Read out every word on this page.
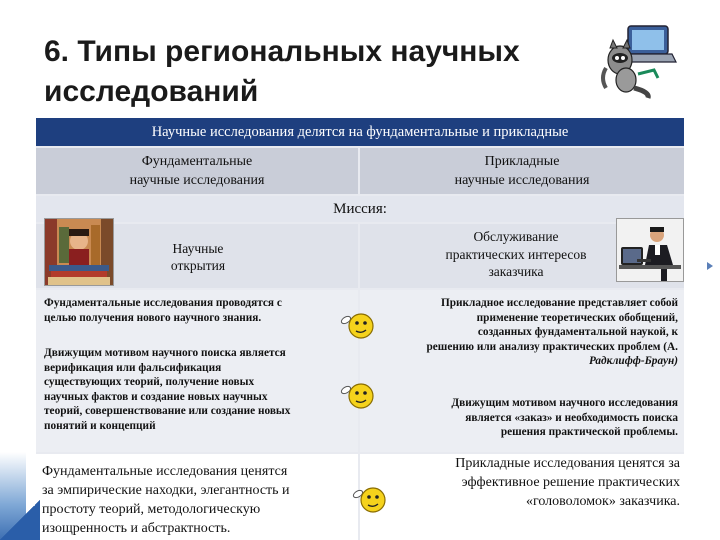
6. Типы региональных научных
исследований
Научные исследования делятся на фундаментальные и прикладные
Фундаментальные
научные исследования
Прикладные
научные исследования
Миссия:
Научные
открытия
Обслуживание
практических интересов
заказчика
Фундаментальные исследования проводятся с
целью получения нового научного знания.
Движущим мотивом научного поиска является
верификация или фальсификация
существующих теорий, получение новых
научных фактов и создание новых научных
теорий, совершенствование или создание новых
понятий и концепций
Прикладное исследование представляет собой
применение теоретических обобщений,
созданных фундаментальной наукой, к
решению или анализу практических проблем (А.
Радклифф-Браун)
Движущим мотивом научного исследования
является «заказ» и необходимость поиска
решения практической проблемы.
Фундаментальные исследования ценятся
за эмпирические находки, элегантность и
простоту теорий, методологическую
изощренность и абстрактность.
Прикладные исследования ценятся за
эффективное решение практических
«головоломок» заказчика.
